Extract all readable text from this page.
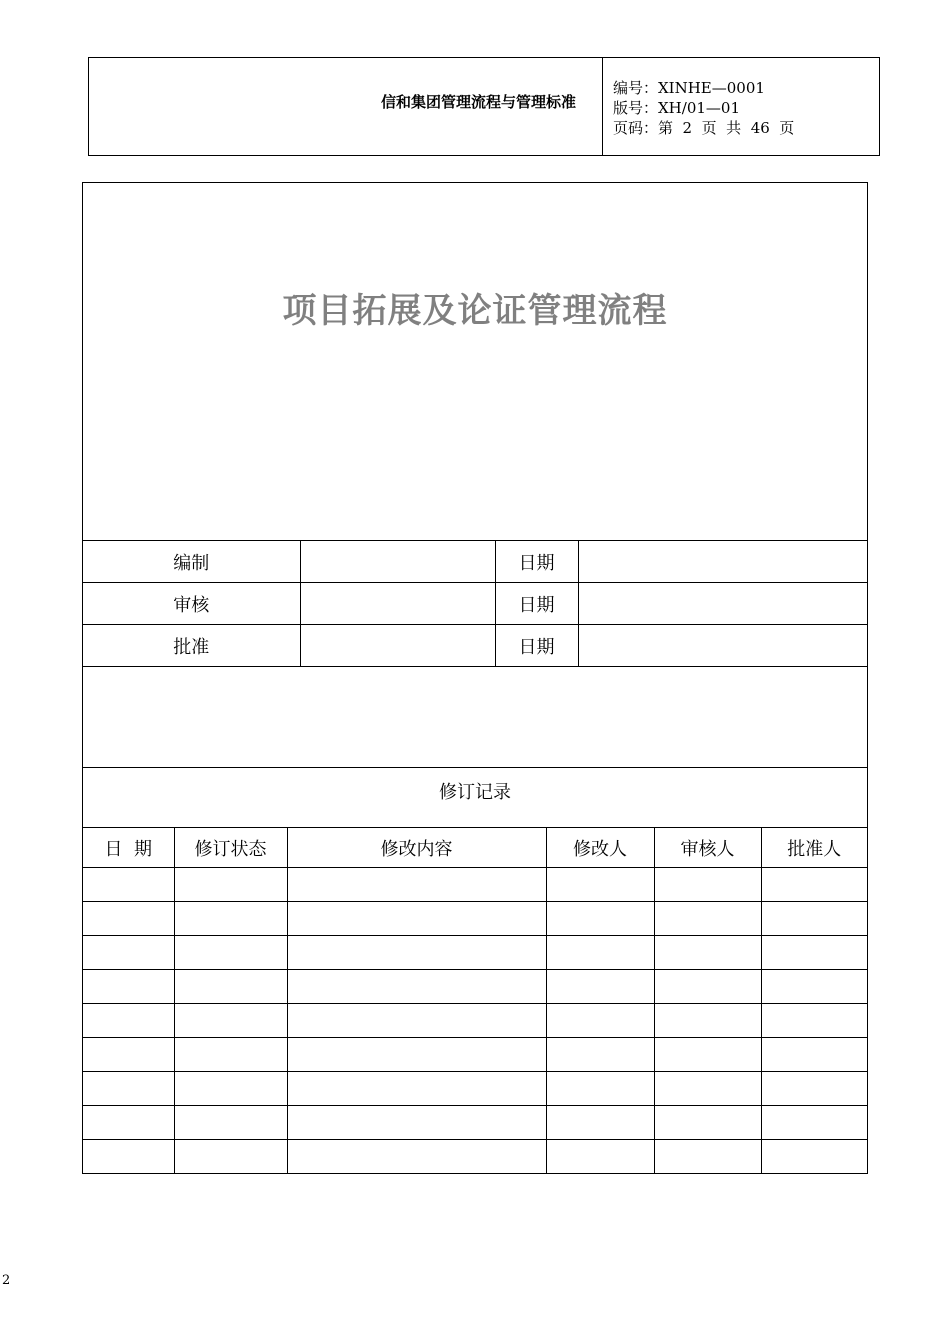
信和集团管理流程与管理标准
编号：XINHE—0001
版号：XH/01—01
页码：第  2  页  共  46  页
项目拓展及论证管理流程
编制		日期	
审核		日期	
批准		日期	
修订记录
日  期	修订状态	修改内容	修改人	审核人	批准人

2
